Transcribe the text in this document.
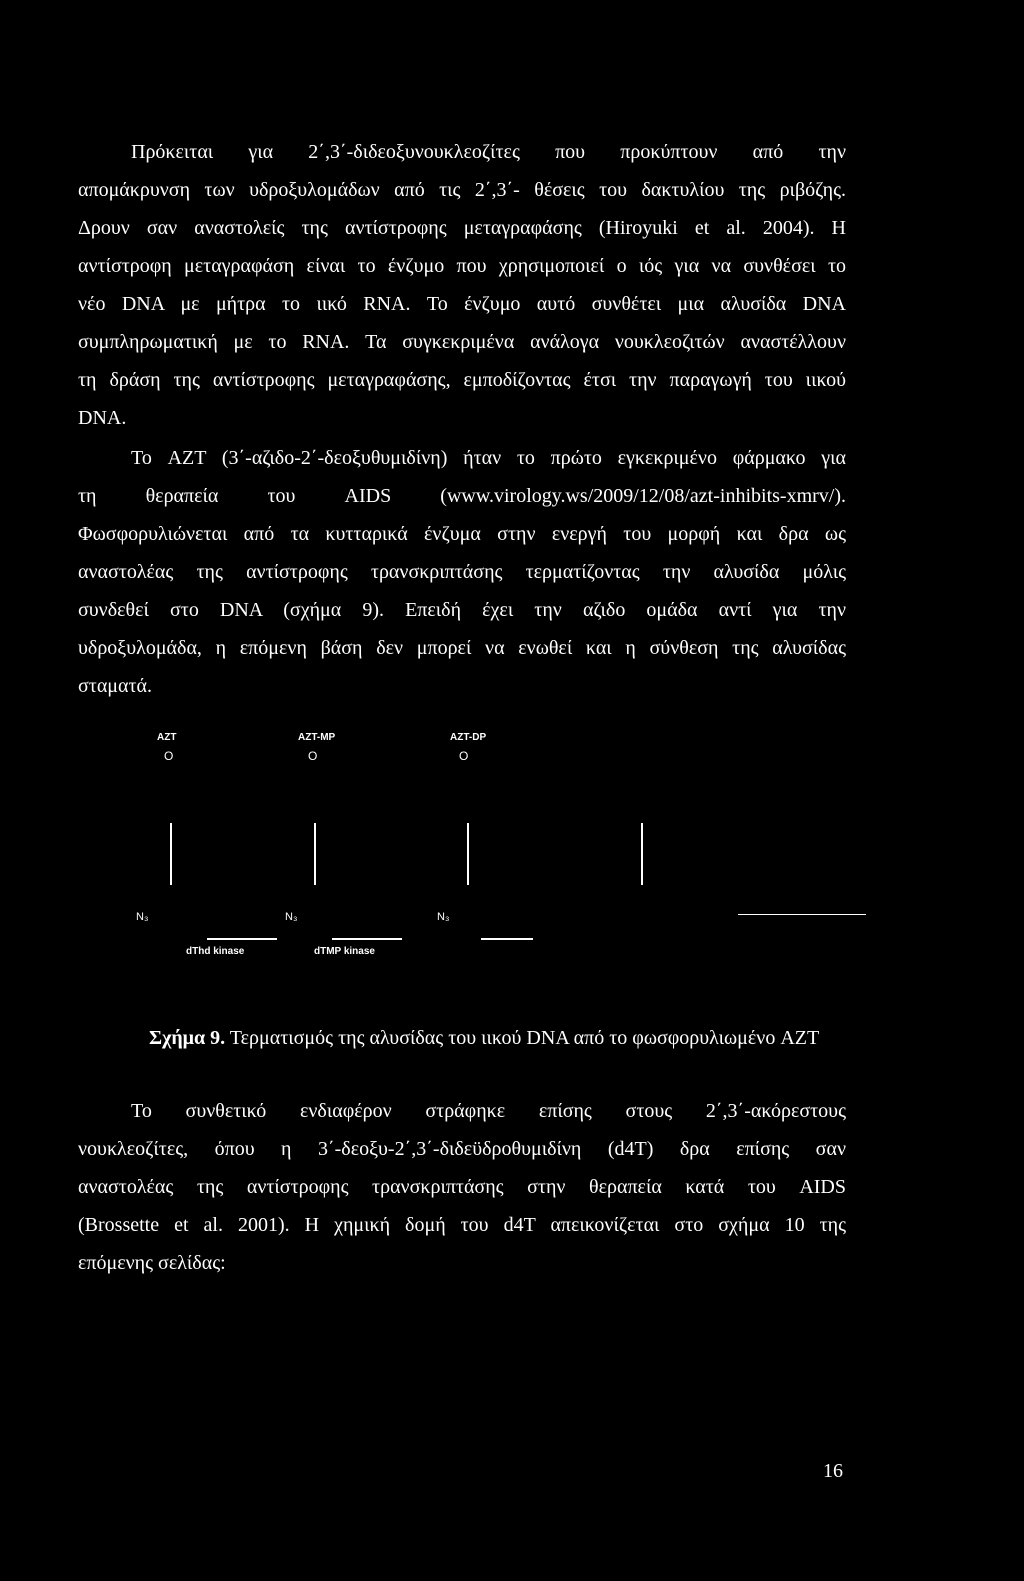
Πρόκειται για 2΄,3΄-διδεοξυνουκλεοζίτες που προκύπτουν από την
απομάκρυνση των υδροξυλομάδων από τις 2΄,3΄- θέσεις του δακτυλίου της ριβόζης.
Δρουν σαν αναστολείς της αντίστροφης μεταγραφάσης (Hiroyuki et al. 2004). Η
αντίστροφη μεταγραφάση είναι το ένζυμο που χρησιμοποιεί ο ιός για να συνθέσει το
νέο DNA με μήτρα το ιικό RNA. Το ένζυμο αυτό συνθέτει μια αλυσίδα DNA
συμπληρωματική με το RNA. Τα συγκεκριμένα ανάλογα νουκλεοζιτών αναστέλλουν
τη δράση της αντίστροφης μεταγραφάσης, εμποδίζοντας έτσι την παραγωγή του ιικού
DNA.
Το AZT (3΄-αζιδο-2΄-δεοξυθυμιδίνη) ήταν το πρώτο εγκεκριμένο φάρμακο για
τη θεραπεία του AIDS (www.virology.ws/2009/12/08/azt-inhibits-xmrv/).
Φωσφορυλιώνεται από τα κυτταρικά ένζυμα στην ενεργή του μορφή και δρα ως
αναστολέας της αντίστροφης τρανσκριπτάσης τερματίζοντας την αλυσίδα μόλις
συνδεθεί στο DNA (σχήμα 9). Επειδή έχει την αζιδο ομάδα αντί για την
υδροξυλομάδα, η επόμενη βάση δεν μπορεί να ενωθεί και η σύνθεση της αλυσίδας
σταματά.
AZT	AZT-MP	AZT-DP
O	O	O
N₃	N₃	N₃
dThd kinase	dTMP kinase
Σχήμα 9. Τερματισμός της αλυσίδας του ιικού DNA από το φωσφορυλιωμένο AZT
Το συνθετικό ενδιαφέρον στράφηκε επίσης στους 2΄,3΄-ακόρεστους
νουκλεοζίτες, όπου η 3΄-δεοξυ-2΄,3΄-διδεϋδροθυμιδίνη (d4T) δρα επίσης σαν
αναστολέας της αντίστροφης τρανσκριπτάσης στην θεραπεία κατά του AIDS
(Brossette et al. 2001). Η χημική δομή του d4T απεικονίζεται στο σχήμα 10 της
επόμενης σελίδας:
16
